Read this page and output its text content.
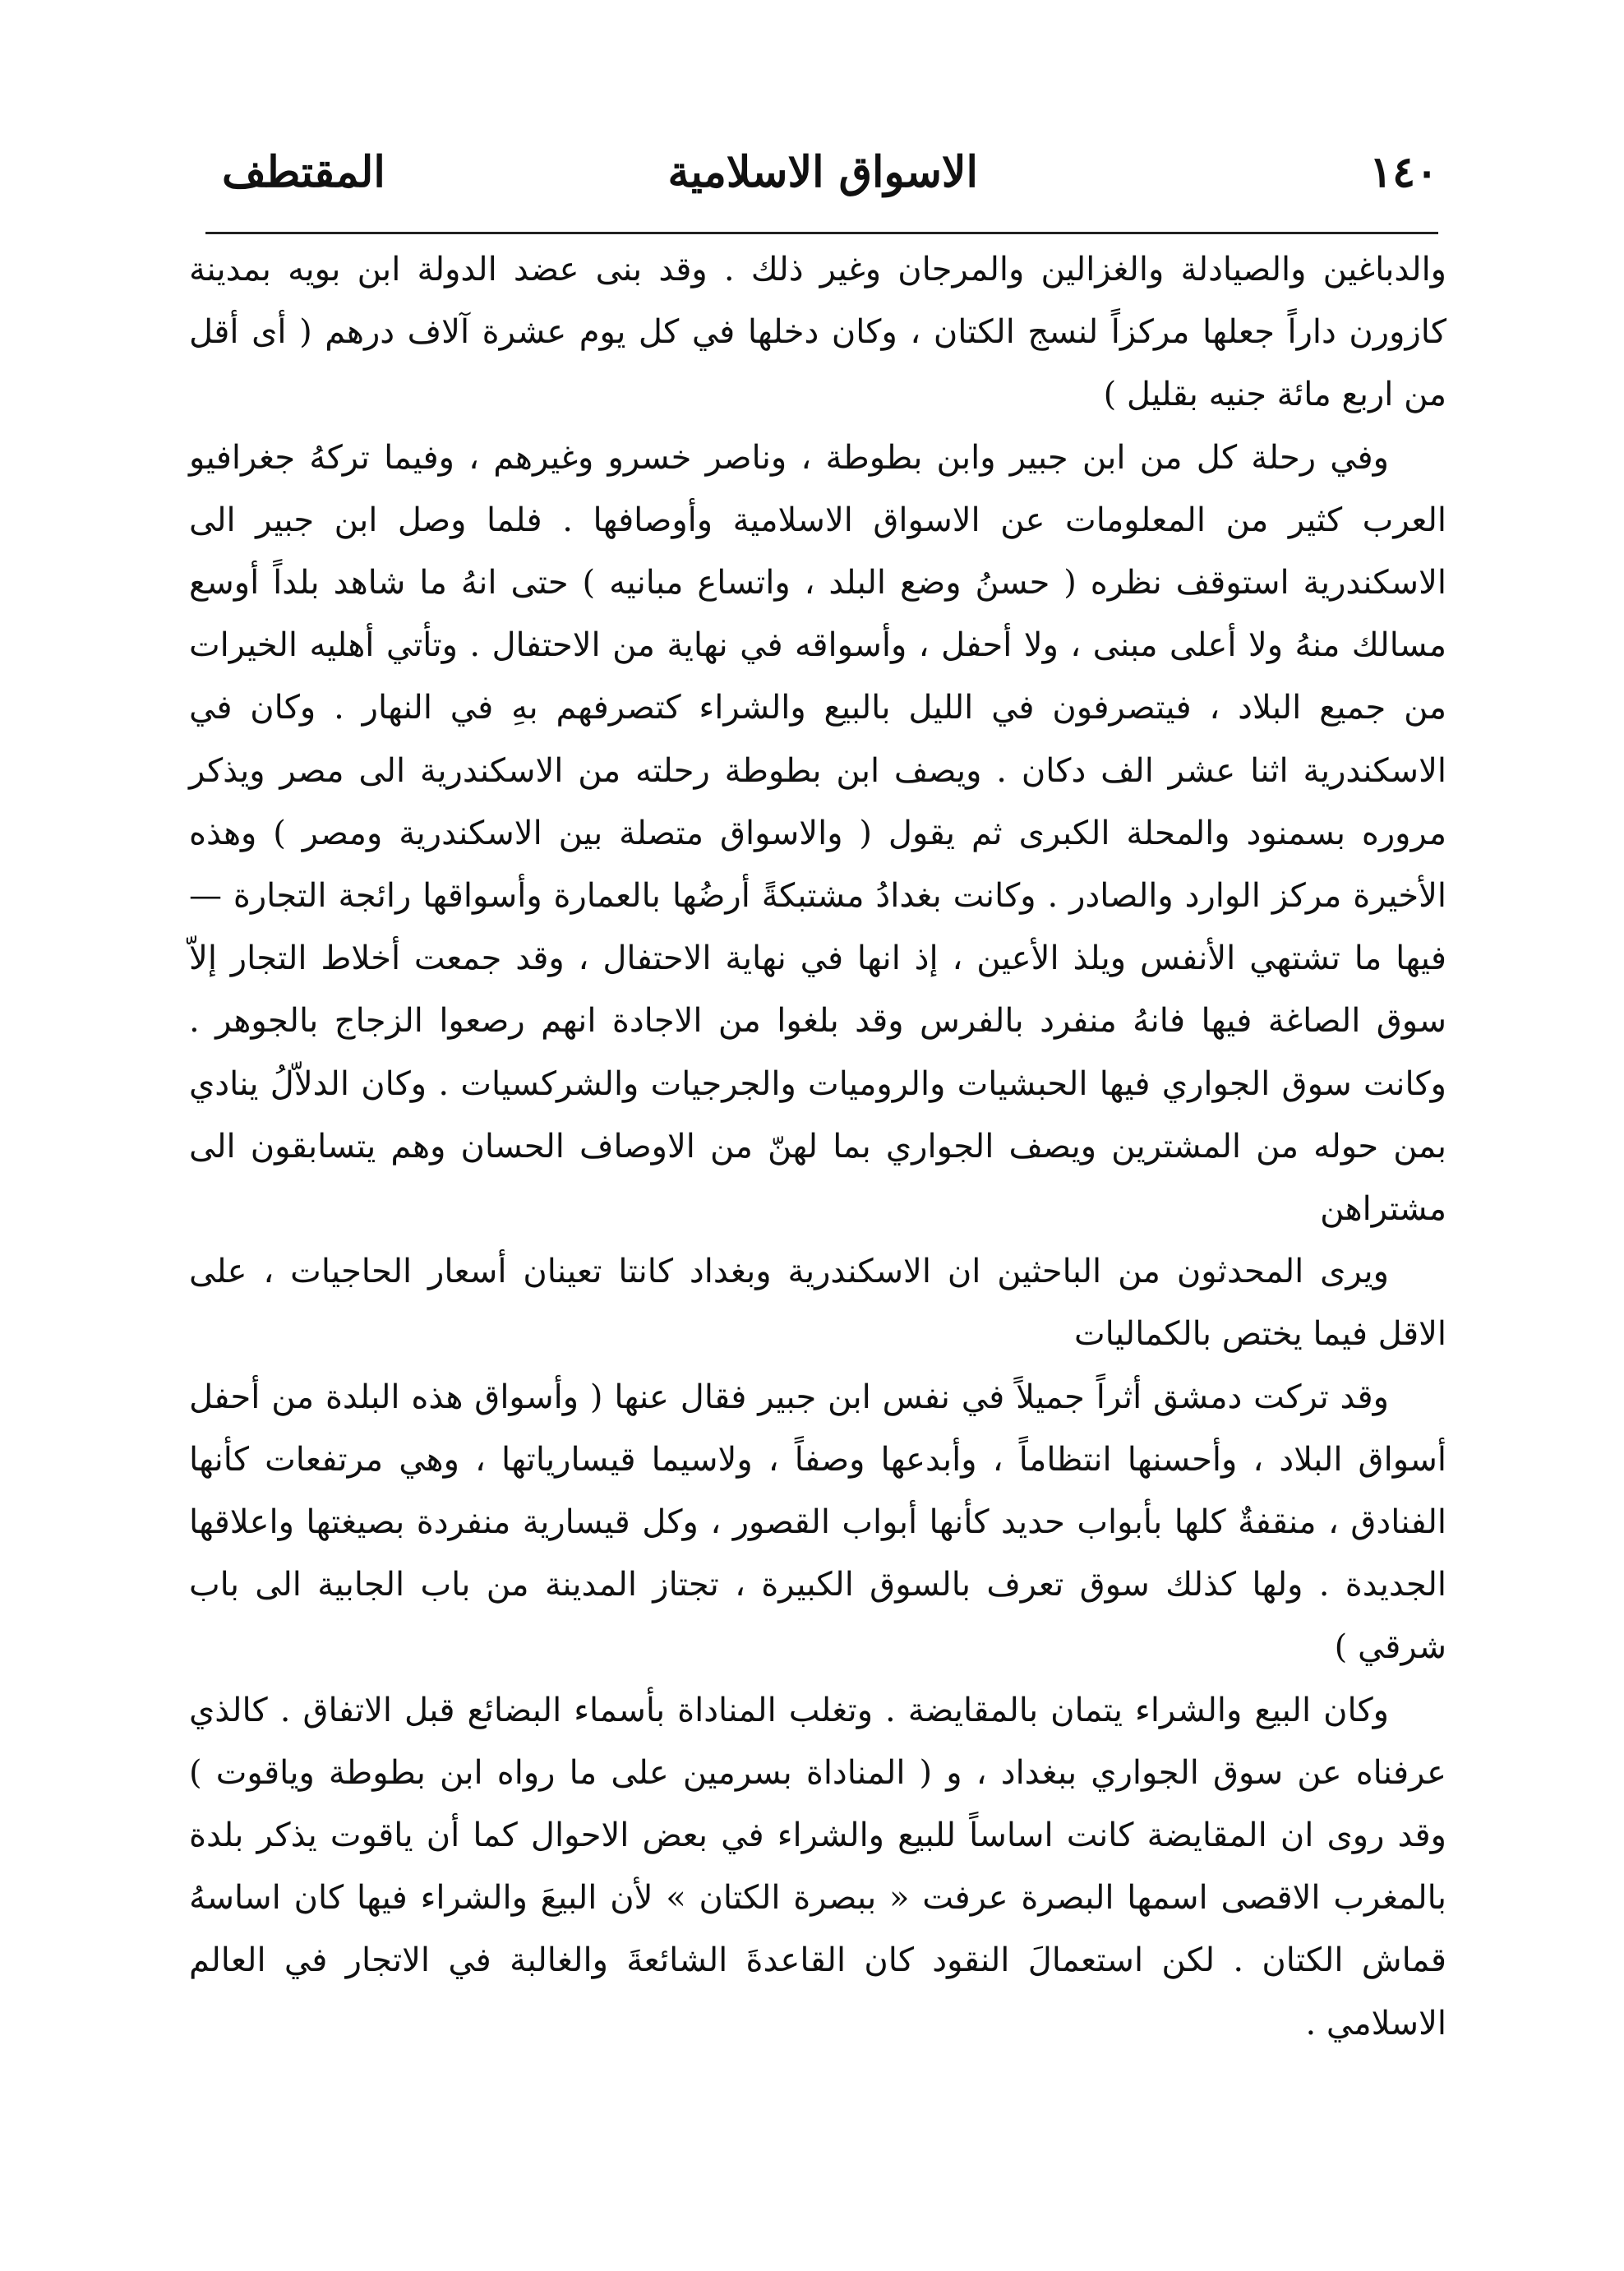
١٤٠
الاسواق الاسلامية
المقتطف

والدباغين والصيادلة والغزالين والمرجان وغير ذلك . وقد بنى عضد الدولة ابن بويه بمدينة كازورن داراً جعلها مركزاً لنسج الكتان ، وكان دخلها في كل يوم عشرة آلاف درهم ( أى أقل من اربع مائة جنيه بقليل )

وفي رحلة كل من ابن جبير وابن بطوطة ، وناصر خسرو وغيرهم ، وفيما تركهُ جغرافيو العرب كثير من المعلومات عن الاسواق الاسلامية وأوصافها . فلما وصل ابن جبير الى الاسكندرية استوقف نظره ( حسنُ وضع البلد ، واتساع مبانيه ) حتى انهُ ما شاهد بلداً أوسع مسالك منهُ ولا أعلى مبنى ، ولا أحفل ، وأسواقه في نهاية من الاحتفال . وتأتي أهليه الخيرات من جميع البلاد ، فيتصرفون في الليل بالبيع والشراء كتصرفهم بهِ في النهار . وكان في الاسكندرية اثنا عشر الف دكان . ويصف ابن بطوطة رحلته من الاسكندرية الى مصر ويذكر مروره بسمنود والمحلة الكبرى ثم يقول ( والاسواق متصلة بين الاسكندرية ومصر ) وهذه الأخيرة مركز الوارد والصادر . وكانت بغدادُ مشتبكةً أرضُها بالعمارة وأسواقها رائجة التجارة — فيها ما تشتهي الأنفس ويلذ الأعين ، إذ انها في نهاية الاحتفال ، وقد جمعت أخلاط التجار إلاّ سوق الصاغة فيها فانهُ منفرد بالفرس وقد بلغوا من الاجادة انهم رصعوا الزجاج بالجوهر . وكانت سوق الجواري فيها الحبشيات والروميات والجرجيات والشركسيات . وكان الدلاّلُ ينادي بمن حوله من المشترين ويصف الجواري بما لهنّ من الاوصاف الحسان وهم يتسابقون الى مشتراهن

ويرى المحدثون من الباحثين ان الاسكندرية وبغداد كانتا تعينان أسعار الحاجيات ، على الاقل فيما يختص بالكماليات

وقد تركت دمشق أثراً جميلاً في نفس ابن جبير فقال عنها ( وأسواق هذه البلدة من أحفل أسواق البلاد ، وأحسنها انتظاماً ، وأبدعها وصفاً ، ولاسيما قيسارياتها ، وهي مرتفعات كأنها الفنادق ، منقفةٌ كلها بأبواب حديد كأنها أبواب القصور ، وكل قيسارية منفردة بصيغتها واعلاقها الجديدة . ولها كذلك سوق تعرف بالسوق الكبيرة ، تجتاز المدينة من باب الجابية الى باب شرقي )

وكان البيع والشراء يتمان بالمقايضة . وتغلب المناداة بأسماء البضائع قبل الاتفاق . كالذي عرفناه عن سوق الجواري ببغداد ، و ( المناداة بسرمين على ما رواه ابن بطوطة وياقوت ) وقد روى ان المقايضة كانت اساساً للبيع والشراء في بعض الاحوال كما أن ياقوت يذكر بلدة بالمغرب الاقصى اسمها البصرة عرفت « ببصرة الكتان » لأن البيعَ والشراء فيها كان اساسهُ قماش الكتان . لكن استعمالَ النقود كان القاعدةَ الشائعةَ والغالبة في الاتجار في العالم الاسلامي .
